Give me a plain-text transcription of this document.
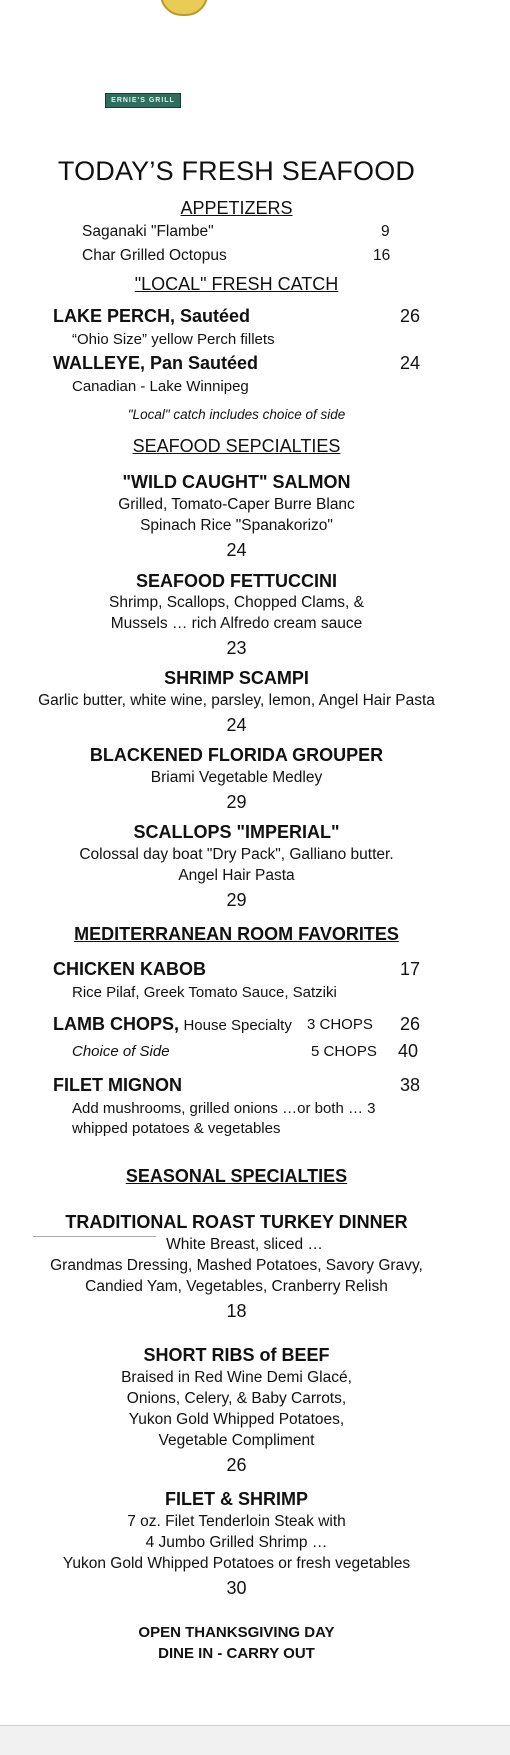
ERNIE'S GRILL
TODAY’S FRESH SEAFOOD
APPETIZERS
Saganaki "Flambe"	9
Char Grilled Octopus	16
"LOCAL" FRESH CATCH
LAKE PERCH, Sautéed	26
“Ohio Size” yellow Perch fillets
WALLEYE, Pan Sautéed	24
Canadian - Lake Winnipeg
"Local" catch includes choice of side
SEAFOOD SEPCIALTIES
"WILD CAUGHT" SALMON
Grilled, Tomato-Caper Burre Blanc
Spinach Rice "Spanakorizo"
24
SEAFOOD FETTUCCINI
Shrimp, Scallops, Chopped Clams, &
Mussels … rich Alfredo cream sauce
23
SHRIMP SCAMPI
Garlic butter, white wine, parsley, lemon, Angel Hair Pasta
24
BLACKENED FLORIDA GROUPER
Briami Vegetable Medley
29
SCALLOPS "IMPERIAL"
Colossal day boat "Dry Pack", Galliano butter.
Angel Hair Pasta
29
MEDITERRANEAN ROOM FAVORITES
CHICKEN KABOB	17
Rice Pilaf, Greek Tomato Sauce, Satziki
LAMB CHOPS, House Specialty 3 CHOPS 26
Choice of Side	5 CHOPS 40
FILET MIGNON	38
Add mushrooms, grilled onions …or both … 3
whipped potatoes & vegetables
SEASONAL SPECIALTIES
TRADITIONAL ROAST TURKEY DINNER
White Breast, sliced …
Grandmas Dressing, Mashed Potatoes, Savory Gravy,
Candied Yam, Vegetables, Cranberry Relish
18
SHORT RIBS of BEEF
Braised in Red Wine Demi Glacé,
Onions, Celery, & Baby Carrots,
Yukon Gold Whipped Potatoes,
Vegetable Compliment
26
FILET & SHRIMP
7 oz. Filet Tenderloin Steak with
4 Jumbo Grilled Shrimp …
Yukon Gold Whipped Potatoes or fresh vegetables
30
OPEN THANKSGIVING DAY
DINE IN - CARRY OUT
